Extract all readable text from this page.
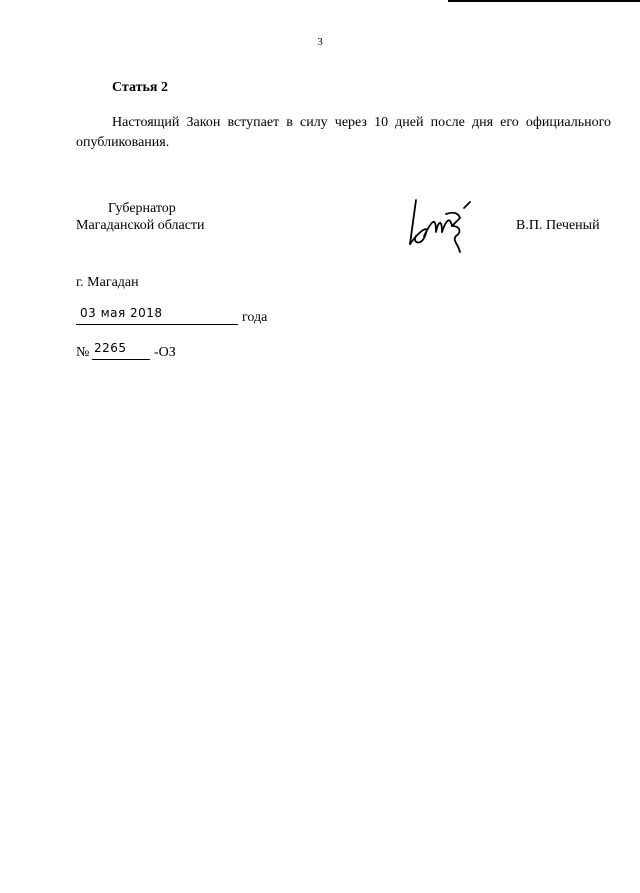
3
Статья 2
Настоящий Закон вступает в силу через 10 дней после дня его официального опубликования.
Губернатор
Магаданской области	В.П. Печеный
г. Магадан
03 мая 2018	года
№ 2265	-ОЗ
